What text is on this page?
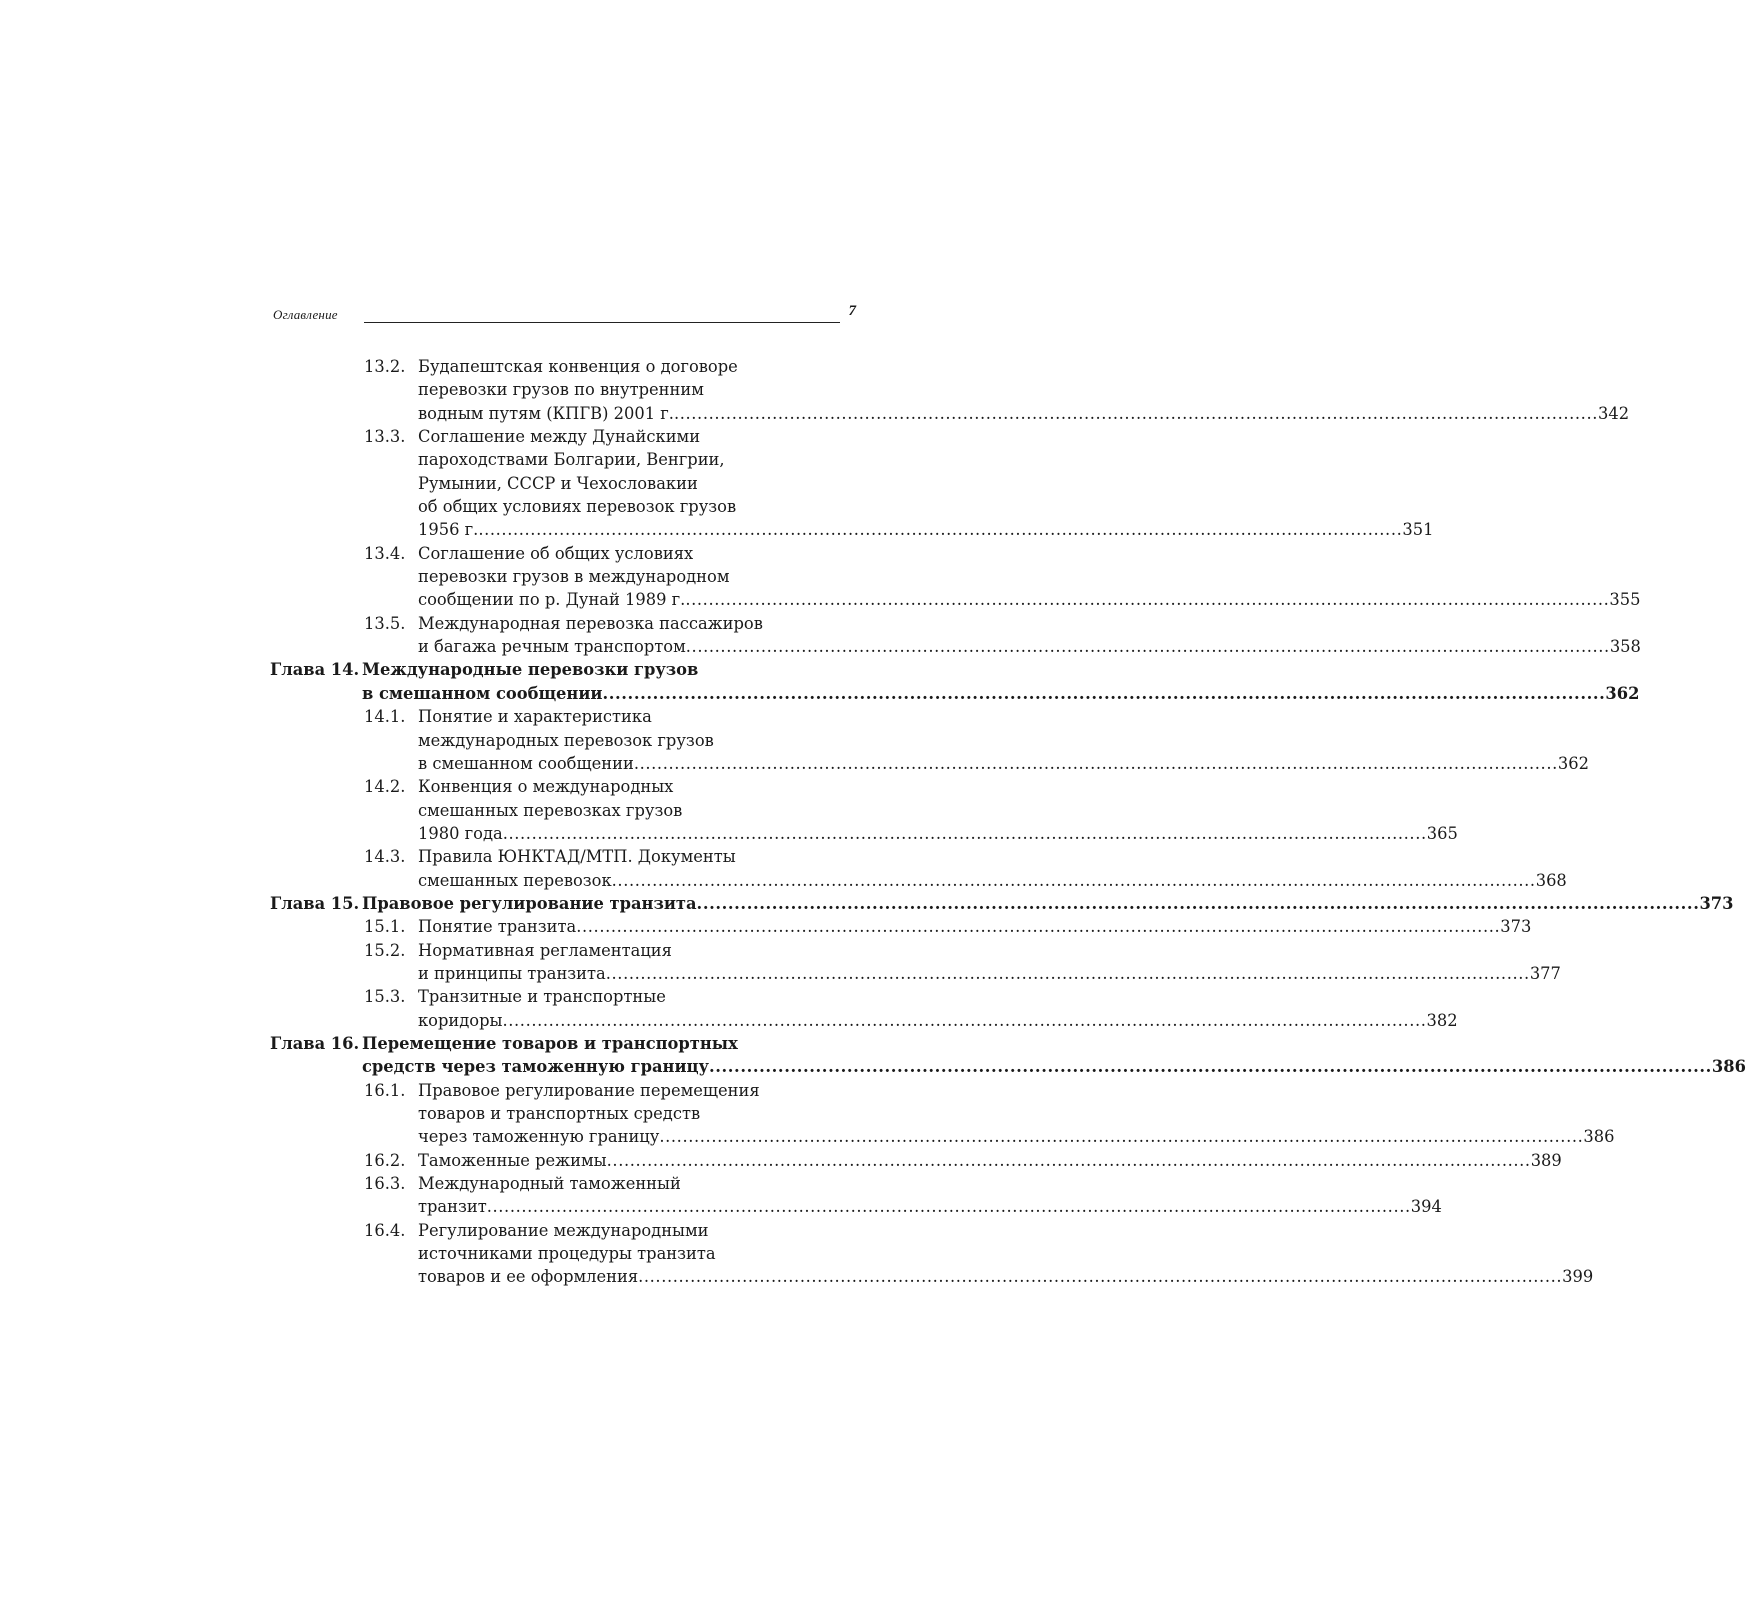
Оглавление	7
13.2. Будапештская конвенция о договоре
перевозки грузов по внутренним
водным путям (КПГВ) 2001 г. ................................................................................................................................................................ 342
13.3. Соглашение между Дунайскими
пароходствами Болгарии, Венгрии,
Румынии, СССР и Чехословакии
об общих условиях перевозок грузов
1956 г. ................................................................................................................................................................ 351
13.4. Соглашение об общих условиях
перевозки грузов в международном
сообщении по р. Дунай 1989 г. ................................................................................................................................................................ 355
13.5. Международная перевозка пассажиров
и багажа речным транспортом ................................................................................................................................................................ 358
Глава 14. Международные перевозки грузов
в смешанном сообщении ................................................................................................................................................................ 362
14.1. Понятие и характеристика
международных перевозок грузов
в смешанном сообщении ................................................................................................................................................................ 362
14.2. Конвенция о международных
смешанных перевозках грузов
1980 года ................................................................................................................................................................ 365
14.3. Правила ЮНКТАД/МТП. Документы
смешанных перевозок ................................................................................................................................................................ 368
Глава 15. Правовое регулирование транзита ................................................................................................................................................................ 373
15.1. Понятие транзита ................................................................................................................................................................ 373
15.2. Нормативная регламентация
и принципы транзита ................................................................................................................................................................ 377
15.3. Транзитные и транспортные
коридоры ................................................................................................................................................................ 382
Глава 16. Перемещение товаров и транспортных
средств через таможенную границу ................................................................................................................................................................ 386
16.1. Правовое регулирование перемещения
товаров и транспортных средств
через таможенную границу ................................................................................................................................................................ 386
16.2. Таможенные режимы ................................................................................................................................................................ 389
16.3. Международный таможенный
транзит ................................................................................................................................................................ 394
16.4. Регулирование международными
источниками процедуры транзита
товаров и ее оформления ................................................................................................................................................................ 399
